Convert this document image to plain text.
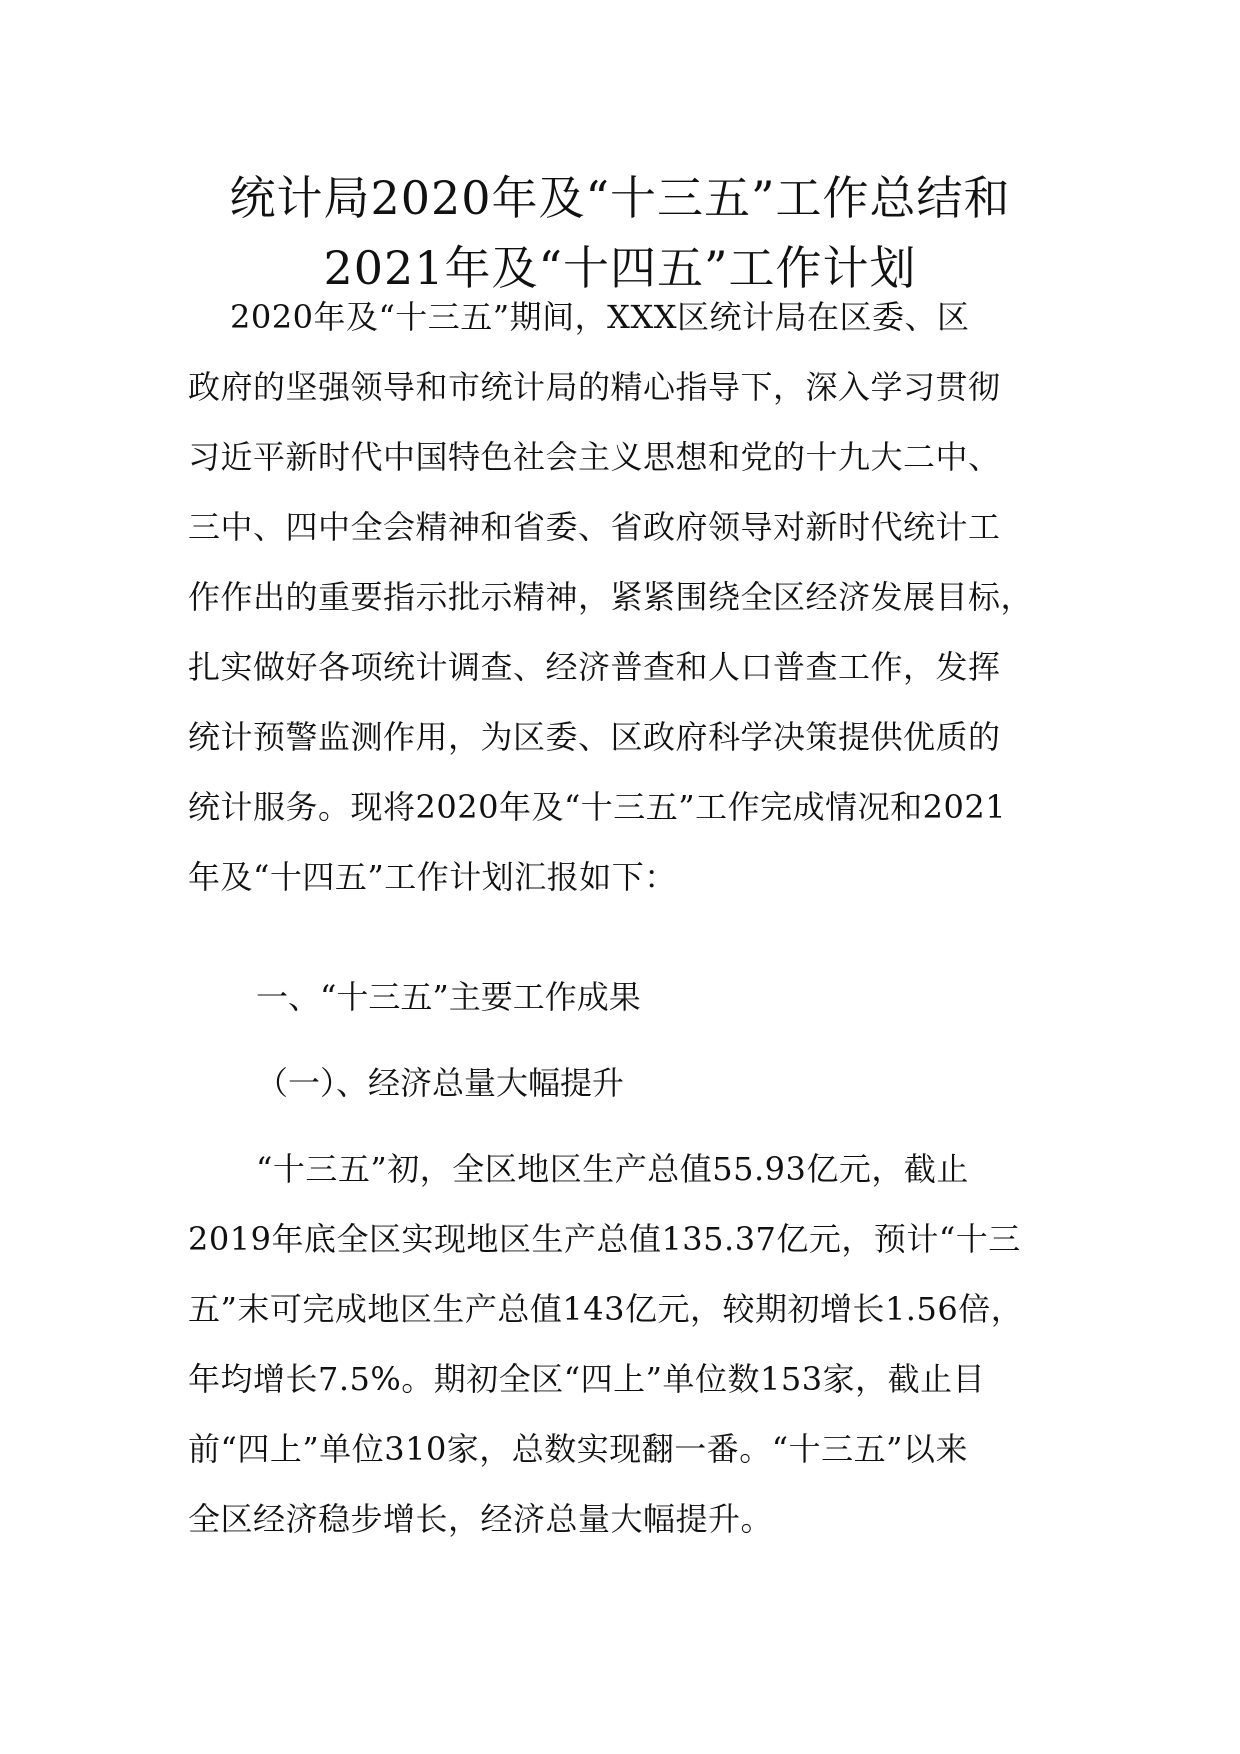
统计局2020年及“十三五”工作总结和
2021年及“十四五”工作计划
2020年及“十三五”期间，XXX区统计局在区委、区
政府的坚强领导和市统计局的精心指导下，深入学习贯彻
习近平新时代中国特色社会主义思想和党的十九大二中、
三中、四中全会精神和省委、省政府领导对新时代统计工
作作出的重要指示批示精神，紧紧围绕全区经济发展目标，
扎实做好各项统计调查、经济普查和人口普查工作，发挥
统计预警监测作用，为区委、区政府科学决策提供优质的
统计服务。现将2020年及“十三五”工作完成情况和2021
年及“十四五”工作计划汇报如下：
一、“十三五”主要工作成果
（一）、经济总量大幅提升
“十三五”初，全区地区生产总值55.93亿元，截止
2019年底全区实现地区生产总值135.37亿元，预计“十三
五”末可完成地区生产总值143亿元，较期初增长1.56倍，
年均增长7.5%。期初全区“四上”单位数153家，截止目
前“四上”单位310家，总数实现翻一番。“十三五”以来
全区经济稳步增长，经济总量大幅提升。
